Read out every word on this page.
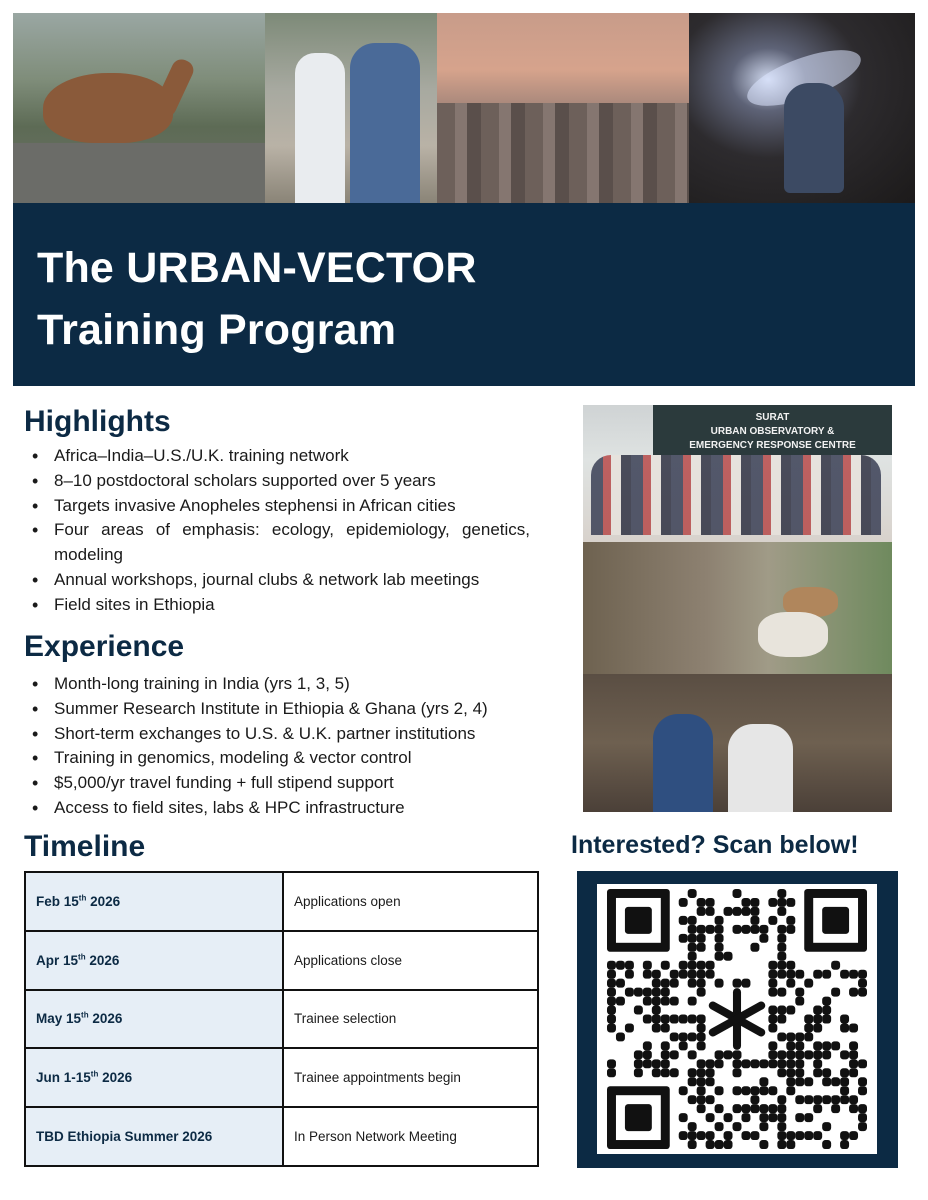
The URBAN-VECTOR
Training Program
Highlights
• Africa–India–U.S./U.K. training network
• 8–10 postdoctoral scholars supported over 5 years
• Targets invasive Anopheles stephensi in African cities
• Four areas of emphasis: ecology, epidemiology, genetics, modeling
• Annual workshops, journal clubs & network lab meetings
• Field sites in Ethiopia
Experience
• Month-long training in India (yrs 1, 3, 5)
• Summer Research Institute in Ethiopia & Ghana (yrs 2, 4)
• Short-term exchanges to U.S. & U.K. partner institutions
• Training in genomics, modeling & vector control
• $5,000/yr travel funding + full stipend support
• Access to field sites, labs & HPC infrastructure
SURAT
URBAN OBSERVATORY &
EMERGENCY RESPONSE CENTRE
Timeline
Feb 15th 2026	Applications open
Apr 15th 2026	Applications close
May 15th 2026	Trainee selection
Jun 1-15th 2026	Trainee appointments begin
TBD Ethiopia Summer 2026	In Person Network Meeting
Interested? Scan below!
